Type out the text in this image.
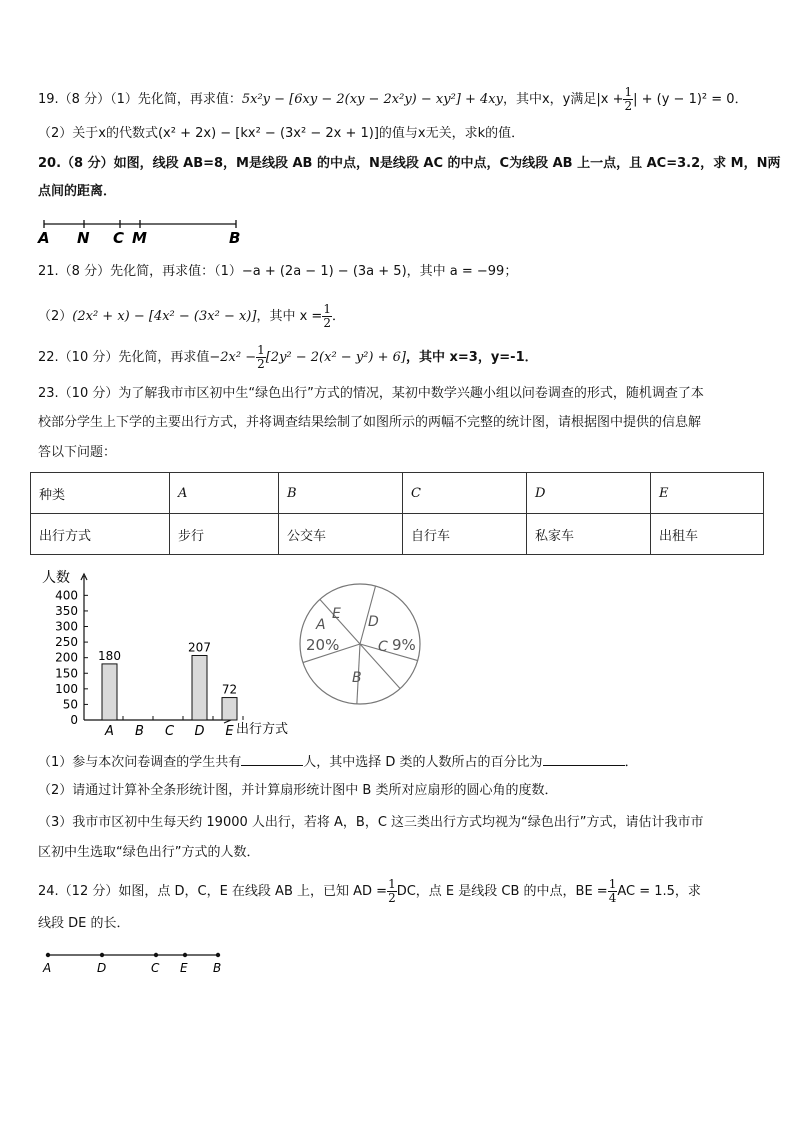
19.（8 分）（1）先化简，再求值：5x²y − [6xy − 2(xy − 2x²y) − xy²] + 4xy，其中x，y满足$|x + \frac{1}{2}$ | + (y − 1)² = 0．
（2）关于x的代数式(x² + 2x) − [kx² − (3x² − 2x + 1)]的值与x无关，求k的值．
20.（8 分）如图，线段 AB=8，M是线段 AB 的中点，N是线段 AC 的中点，C为线段 AB 上一点，且 AC=3.2，求 M，N两
点间的距离．
A N C M	B
21.（8 分）先化简，再求值：（1）−a + (2a − 1) − (3a + 5)，其中 a = −99；
（2）(2x² + x) − [4x² − (3x² − x)]，其中 $x = \frac{1}{2}$ ．
22.（10 分）先化简，再求值$-2x^2 - \frac{1}{2} [2y^2 - 2(x^2 - y^2) + 6]$，其中 x=3，y=-1．
23.（10 分）为了解我市市区初中生“绿色出行”方式的情况，某初中数学兴趣小组以问卷调查的形式，随机调查了本
校部分学生上下学的主要出行方式，并将调查结果绘制了如图所示的两幅不完整的统计图，请根据图中提供的信息解
答以下问题：
种类	A	B	C	D	E
出行方式	步行	公交车	自行车	私家车	出租车
0
50
100
150
200
250
300
350
400
A
180
B C D
207
E
72
人数
出行方式
A
20%
B
C 9%
D
E
（1）参与本次问卷调查的学生共有	人，其中选择 D 类的人数所占的百分比为	．
（2）请通过计算补全条形统计图，并计算扇形统计图中 B 类所对应扇形的圆心角的度数．
（3）我市市区初中生每天约 19000 人出行，若将 A，B，C 这三类出行方式均视为“绿色出行”方式，请估计我市市
区初中生选取“绿色出行”方式的人数．
24.（12 分）如图，点 D，C，E 在线段 AB 上，已知 AD = $\frac{1}{2}$ DC，点 E 是线段 CB 的中点，BE = $\frac{1}{4}$ AC = 1.5，求
线段 DE 的长．
A	D	C E B
